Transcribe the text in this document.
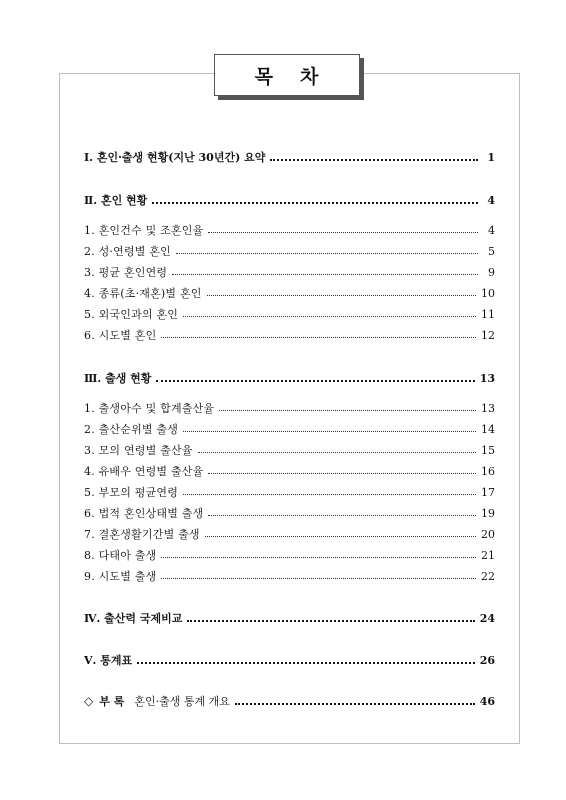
목 차
Ⅰ. 혼인·출생 현황(지난 30년간) 요약	1
Ⅱ. 혼인 현황	4
1. 혼인건수 및 조혼인율	4
2. 성·연령별 혼인	5
3. 평균 혼인연령	9
4. 종류(초·재혼)별 혼인	10
5. 외국인과의 혼인	11
6. 시도별 혼인	12
Ⅲ. 출생 현황	13
1. 출생아수 및 합계출산율	13
2. 출산순위별 출생	14
3. 모의 연령별 출산율	15
4. 유배우 연령별 출산율	16
5. 부모의 평균연령	17
6. 법적 혼인상태별 출생	19
7. 결혼생활기간별 출생	20
8. 다태아 출생	21
9. 시도별 출생	22
Ⅳ. 출산력 국제비교	24
Ⅴ. 통계표	26
◇ 부 록 혼인·출생 통계 개요	46
